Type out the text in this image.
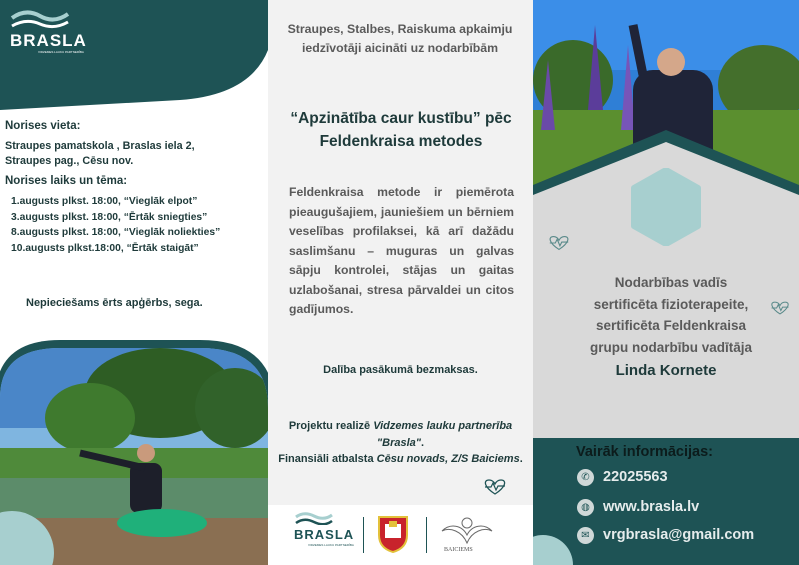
BRASLA
VIDZEMES LAUKU PARTNERĪBA
Norises vieta:
Straupes pamatskola , Braslas iela 2,
Straupes pag., Cēsu nov.
Norises laiks un tēma:
1.augusts plkst. 18:00, “Vieglāk elpot”
3.augusts plkst. 18:00, “Ērtāk sniegties”
8.augusts plkst. 18:00, “Vieglāk noliekties”
10.augusts plkst.18:00, “Ērtāk staigāt”
Nepieciešams ērts apģērbs, sega.
Straupes, Stalbes, Raiskuma apkaimju iedzīvotāji aicināti uz nodarbībām
“Apzinātība caur kustību” pēc Feldenkraisa metodes
Feldenkraisa metode ir piemērota pieaugušajiem, jauniešiem un bērniem veselības profilaksei, kā arī dažādu saslimšanu – muguras un galvas sāpju kontrolei, stājas un gaitas uzlabošanai, stresa pārvaldei un citos gadījumos.
Dalība pasākumā bezmaksas.
Projektu realizē Vidzemes lauku partnerība "Brasla".
Finansiāli atbalsta Cēsu novads, Z/S Baiciems.
BRASLA
VIDZEMES LAUKU PARTNERĪBA
BAICIEMS
Nodarbības vadīs
sertificēta fizioterapeite,
sertificēta Feldenkraisa
grupu nodarbību vadītāja
Linda Kornete
Vairāk informācijas:
✆ 22025563
◍ www.brasla.lv
✉ vrgbrasla@gmail.com
